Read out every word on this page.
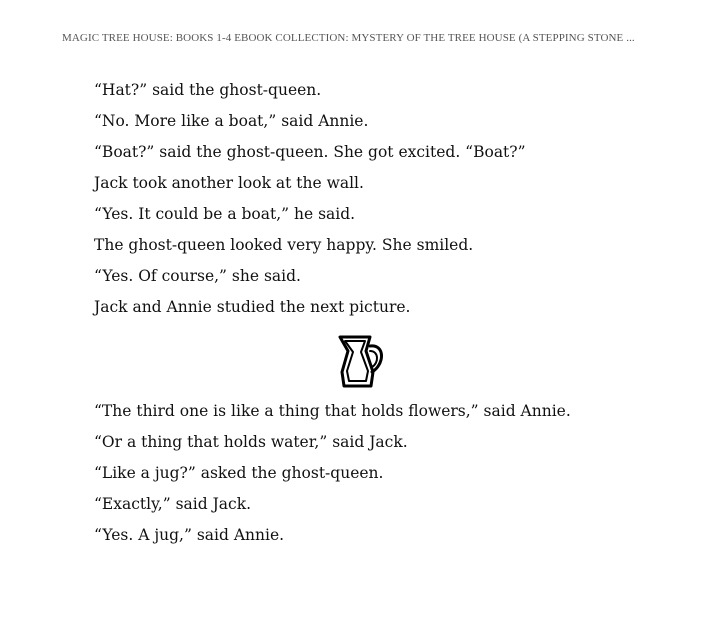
MAGIC TREE HOUSE: BOOKS 1-4 EBOOK COLLECTION: MYSTERY OF THE TREE HOUSE (A STEPPING STONE ...

“Hat?” said the ghost-queen.

“No. More like a boat,” said Annie.

“Boat?” said the ghost-queen. She got excited. “Boat?”

Jack took another look at the wall.

“Yes. It could be a boat,” he said.

The ghost-queen looked very happy. She smiled.

“Yes. Of course,” she said.

Jack and Annie studied the next picture.

“The third one is like a thing that holds flowers,” said Annie.

“Or a thing that holds water,” said Jack.

“Like a jug?” asked the ghost-queen.

“Exactly,” said Jack.

“Yes. A jug,” said Annie.
